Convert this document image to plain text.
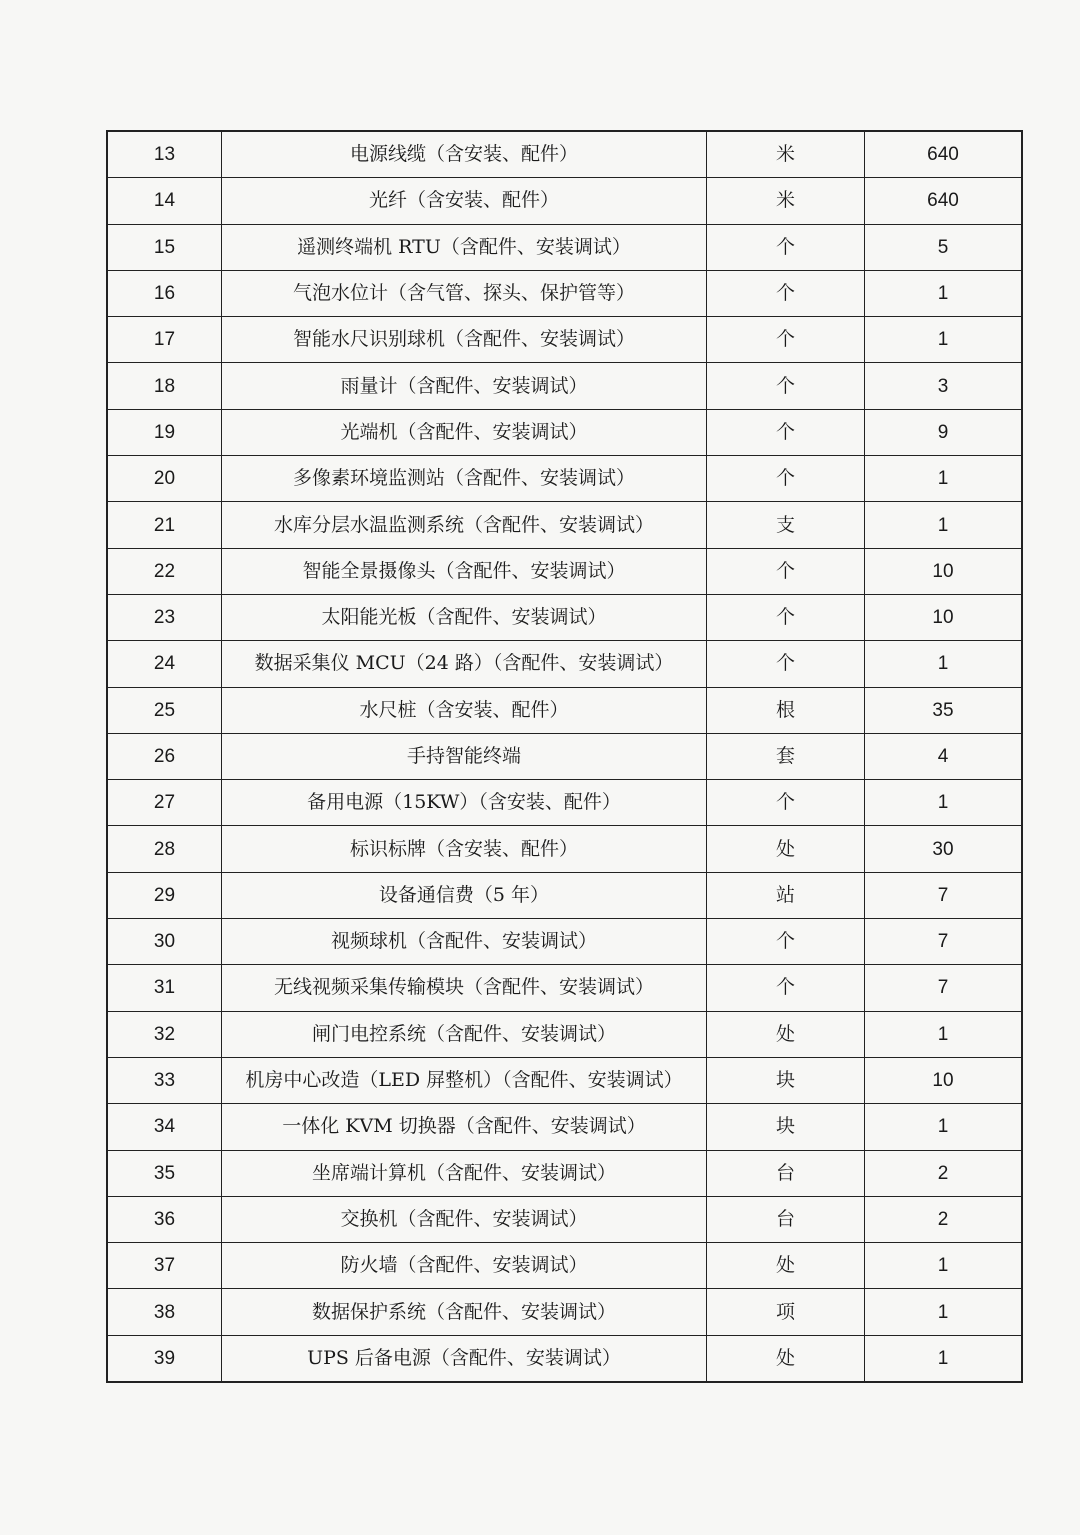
13	电源线缆（含安装、配件）	米	640
14	光纤（含安装、配件）	米	640
15	遥测终端机 RTU（含配件、安装调试）	个	5
16	气泡水位计（含气管、探头、保护管等）	个	1
17	智能水尺识别球机（含配件、安装调试）	个	1
18	雨量计（含配件、安装调试）	个	3
19	光端机（含配件、安装调试）	个	9
20	多像素环境监测站（含配件、安装调试）	个	1
21	水库分层水温监测系统（含配件、安装调试）	支	1
22	智能全景摄像头（含配件、安装调试）	个	10
23	太阳能光板（含配件、安装调试）	个	10
24	数据采集仪 MCU（24 路）（含配件、安装调试）	个	1
25	水尺桩（含安装、配件）	根	35
26	手持智能终端	套	4
27	备用电源（15KW）（含安装、配件）	个	1
28	标识标牌（含安装、配件）	处	30
29	设备通信费（5 年）	站	7
30	视频球机（含配件、安装调试）	个	7
31	无线视频采集传输模块（含配件、安装调试）	个	7
32	闸门电控系统（含配件、安装调试）	处	1
33	机房中心改造（LED 屏整机）（含配件、安装调试）	块	10
34	一体化 KVM 切换器（含配件、安装调试）	块	1
35	坐席端计算机（含配件、安装调试）	台	2
36	交换机（含配件、安装调试）	台	2
37	防火墙（含配件、安装调试）	处	1
38	数据保护系统（含配件、安装调试）	项	1
39	UPS 后备电源（含配件、安装调试）	处	1
